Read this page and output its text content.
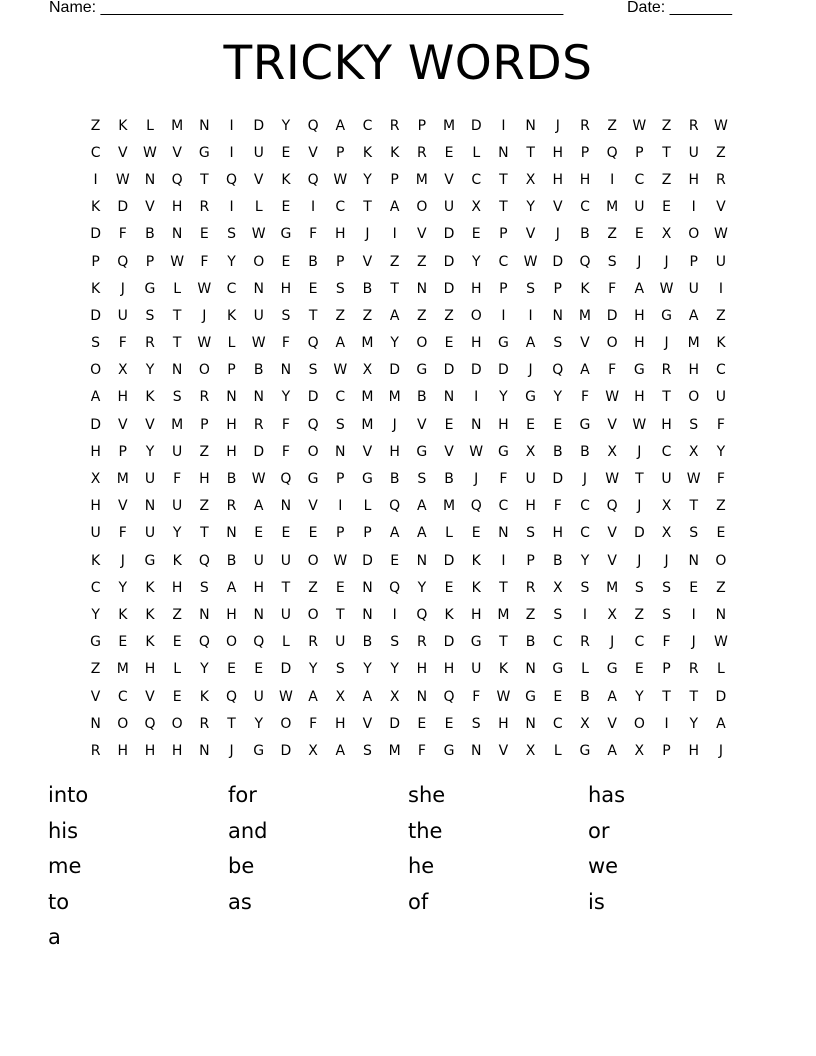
Name: ____________________________________________________	Date: _______
TRICKY WORDS
Z	K	L	M	N	I	D	Y	Q	A	C	R	P	M	D	I	N	J	R	Z	W	Z	R	W
C	V	W	V	G	I	U	E	V	P	K	K	R	E	L	N	T	H	P	Q	P	T	U	Z
I	W	N	Q	T	Q	V	K	Q	W	Y	P	M	V	C	T	X	H	H	I	C	Z	H	R
K	D	V	H	R	I	L	E	I	C	T	A	O	U	X	T	Y	V	C	M	U	E	I	V
D	F	B	N	E	S	W	G	F	H	J	I	V	D	E	P	V	J	B	Z	E	X	O	W
P	Q	P	W	F	Y	O	E	B	P	V	Z	Z	D	Y	C	W	D	Q	S	J	J	P	U
K	J	G	L	W	C	N	H	E	S	B	T	N	D	H	P	S	P	K	F	A	W	U	I
D	U	S	T	J	K	U	S	T	Z	Z	A	Z	Z	O	I	I	N	M	D	H	G	A	Z
S	F	R	T	W	L	W	F	Q	A	M	Y	O	E	H	G	A	S	V	O	H	J	M	K
O	X	Y	N	O	P	B	N	S	W	X	D	G	D	D	D	J	Q	A	F	G	R	H	C
A	H	K	S	R	N	N	Y	D	C	M	M	B	N	I	Y	G	Y	F	W	H	T	O	U
D	V	V	M	P	H	R	F	Q	S	M	J	V	E	N	H	E	E	G	V	W	H	S	F
H	P	Y	U	Z	H	D	F	O	N	V	H	G	V	W	G	X	B	B	X	J	C	X	Y
X	M	U	F	H	B	W	Q	G	P	G	B	S	B	J	F	U	D	J	W	T	U	W	F
H	V	N	U	Z	R	A	N	V	I	L	Q	A	M	Q	C	H	F	C	Q	J	X	T	Z
U	F	U	Y	T	N	E	E	E	P	P	A	A	L	E	N	S	H	C	V	D	X	S	E
K	J	G	K	Q	B	U	U	O	W	D	E	N	D	K	I	P	B	Y	V	J	J	N	O
C	Y	K	H	S	A	H	T	Z	E	N	Q	Y	E	K	T	R	X	S	M	S	S	E	Z
Y	K	K	Z	N	H	N	U	O	T	N	I	Q	K	H	M	Z	S	I	X	Z	S	I	N
G	E	K	E	Q	O	Q	L	R	U	B	S	R	D	G	T	B	C	R	J	C	F	J	W
Z	M	H	L	Y	E	E	D	Y	S	Y	Y	H	H	U	K	N	G	L	G	E	P	R	L
V	C	V	E	K	Q	U	W	A	X	A	X	N	Q	F	W	G	E	B	A	Y	T	T	D
N	O	Q	O	R	T	Y	O	F	H	V	D	E	E	S	H	N	C	X	V	O	I	Y	A
R	H	H	H	N	J	G	D	X	A	S	M	F	G	N	V	X	L	G	A	X	P	H	J
into	for	she	has
his	and	the	or
me	be	he	we
to	as	of	is
a
